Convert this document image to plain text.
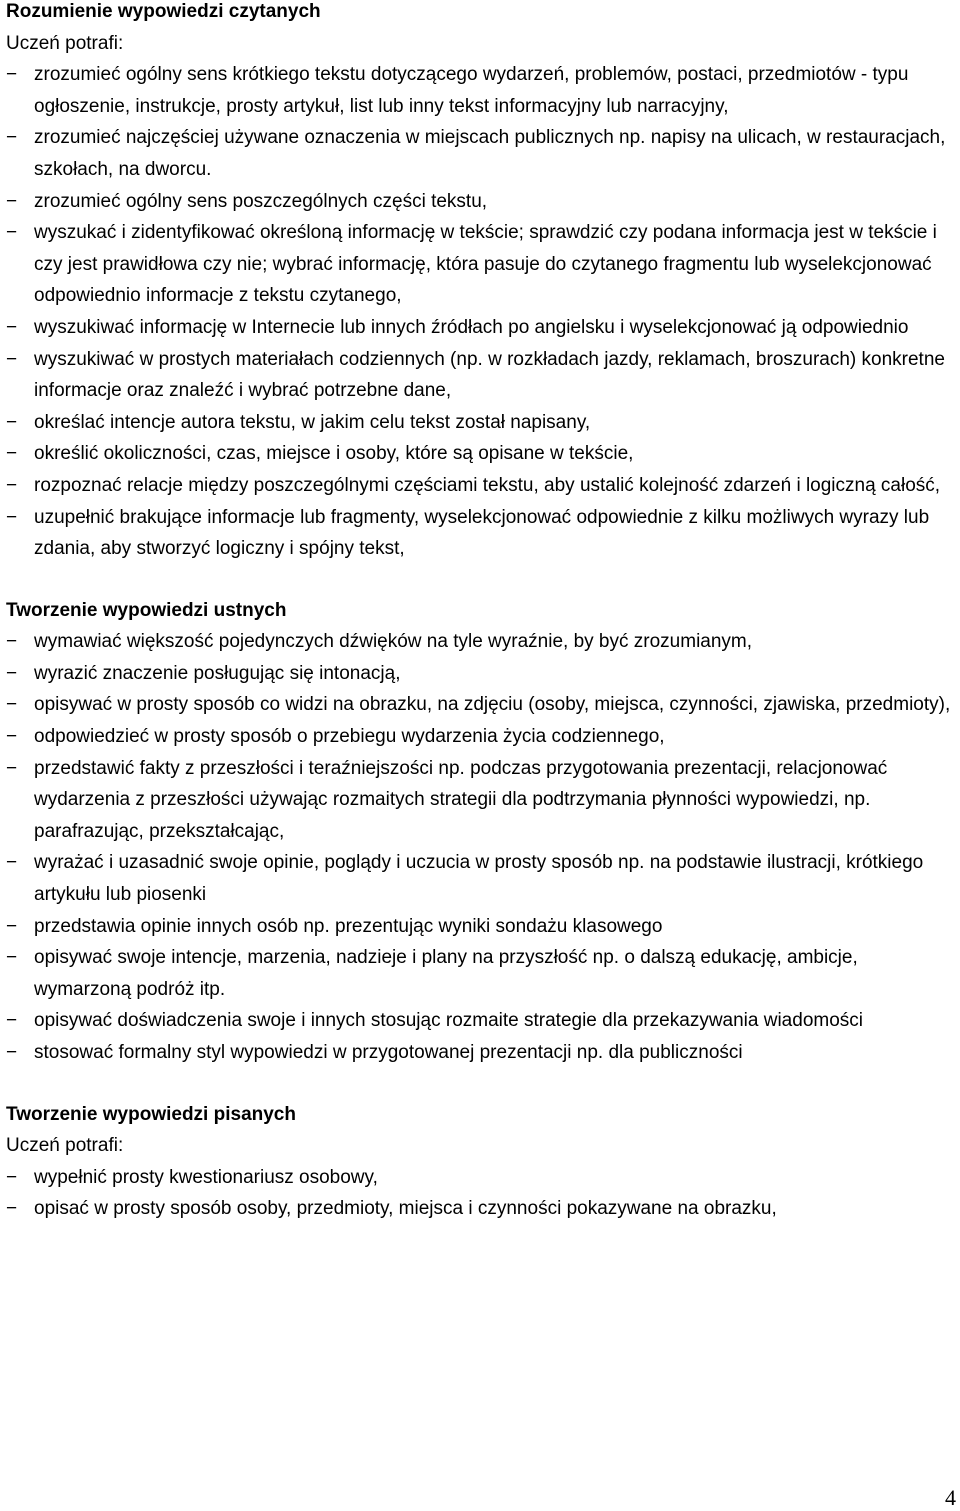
Rozumienie wypowiedzi czytanych

Uczeń potrafi:

− zrozumieć ogólny sens krótkiego tekstu dotyczącego wydarzeń, problemów, postaci, przedmiotów - typu ogłoszenie, instrukcje, prosty artykuł, list lub inny tekst informacyjny lub narracyjny,
− zrozumieć najczęściej używane oznaczenia w miejscach publicznych np. napisy na ulicach, w restauracjach, szkołach, na dworcu.
− zrozumieć ogólny sens poszczególnych części tekstu,
− wyszukać i zidentyfikować określoną informację w tekście; sprawdzić czy podana informacja jest w tekście i czy jest prawidłowa czy nie; wybrać informację, która pasuje do czytanego fragmentu lub wyselekcjonować odpowiednio informacje z tekstu czytanego,
− wyszukiwać informację w Internecie lub innych źródłach po angielsku i wyselekcjonować ją odpowiednio
− wyszukiwać w prostych materiałach codziennych (np. w rozkładach jazdy, reklamach, broszurach) konkretne informacje oraz znaleźć i wybrać potrzebne dane,
− określać intencje autora tekstu, w jakim celu tekst został napisany,
− określić okoliczności, czas, miejsce i osoby, które są opisane w tekście,
− rozpoznać relacje między poszczególnymi częściami tekstu, aby ustalić kolejność zdarzeń i logiczną całość,
− uzupełnić brakujące informacje lub fragmenty, wyselekcjonować odpowiednie z kilku możliwych wyrazy lub zdania, aby stworzyć logiczny i spójny tekst,

Tworzenie wypowiedzi ustnych

− wymawiać większość pojedynczych dźwięków na tyle wyraźnie, by być zrozumianym,
− wyrazić znaczenie posługując się intonacją,
− opisywać w prosty sposób co widzi na obrazku, na zdjęciu (osoby, miejsca, czynności, zjawiska, przedmioty),
− odpowiedzieć w prosty sposób o przebiegu wydarzenia życia codziennego,
− przedstawić fakty z przeszłości i teraźniejszości np. podczas przygotowania prezentacji, relacjonować wydarzenia z przeszłości używając rozmaitych strategii dla podtrzymania płynności wypowiedzi, np. parafrazując, przekształcając,
− wyrażać i uzasadnić swoje opinie, poglądy i uczucia w prosty sposób np. na podstawie ilustracji, krótkiego artykułu lub piosenki
− przedstawia opinie innych osób np. prezentując wyniki sondażu klasowego
− opisywać swoje intencje, marzenia, nadzieje i plany na przyszłość np. o dalszą edukację, ambicje, wymarzoną podróż itp.
− opisywać doświadczenia swoje i innych stosując rozmaite strategie dla przekazywania wiadomości
− stosować formalny styl wypowiedzi w przygotowanej prezentacji np. dla publiczności

Tworzenie wypowiedzi pisanych

Uczeń potrafi:

− wypełnić prosty kwestionariusz osobowy,
− opisać w prosty sposób osoby, przedmioty, miejsca i czynności pokazywane na obrazku,
4
